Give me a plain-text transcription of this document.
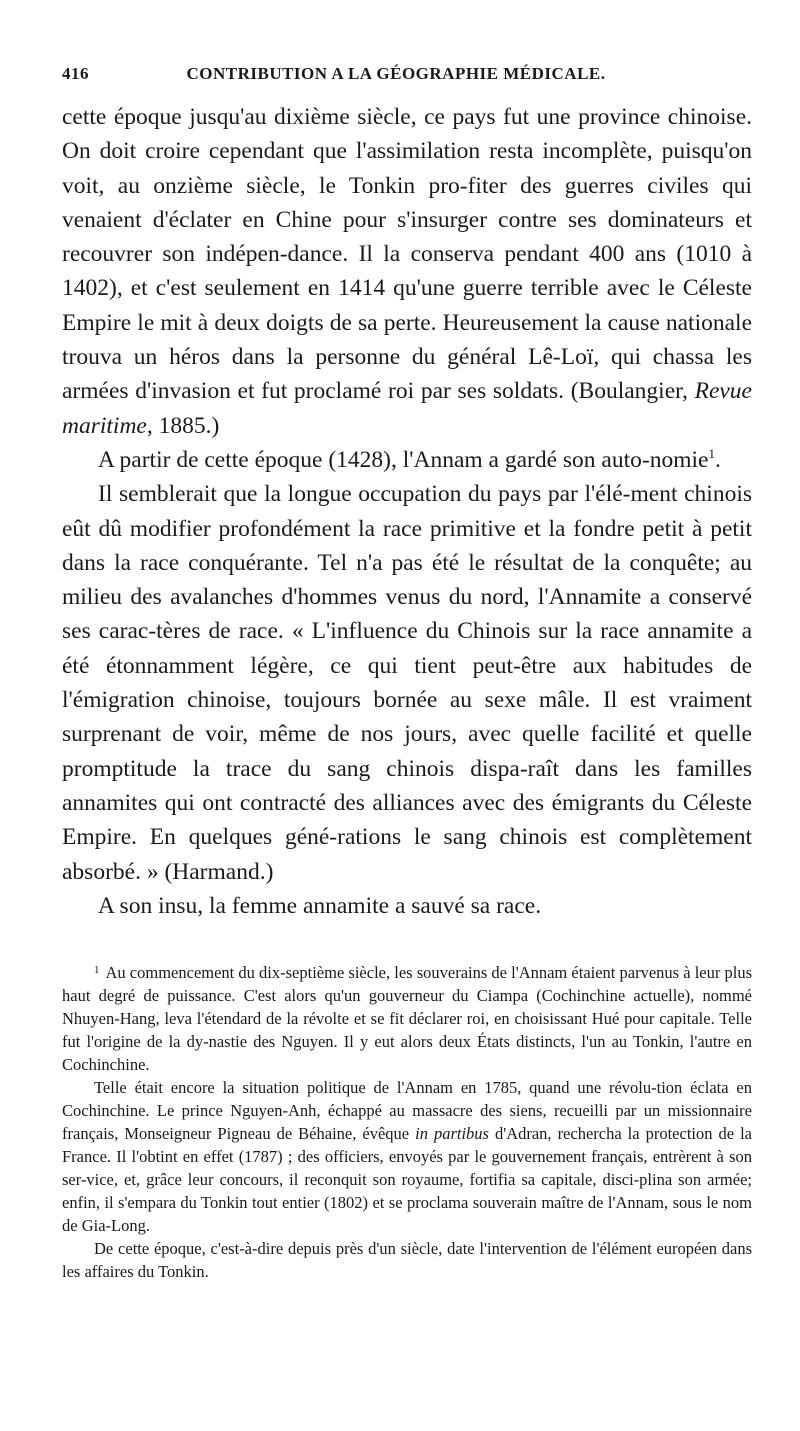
416	CONTRIBUTION A LA GÉOGRAPHIE MÉDICALE.

cette époque jusqu'au dixième siècle, ce pays fut une province chinoise. On doit croire cependant que l'assimilation resta incomplète, puisqu'on voit, au onzième siècle, le Tonkin pro-fiter des guerres civiles qui venaient d'éclater en Chine pour s'insurger contre ses dominateurs et recouvrer son indépen-dance. Il la conserva pendant 400 ans (1010 à 1402), et c'est seulement en 1414 qu'une guerre terrible avec le Céleste Empire le mit à deux doigts de sa perte. Heureusement la cause nationale trouva un héros dans la personne du général Lê-Loï, qui chassa les armées d'invasion et fut proclamé roi par ses soldats. (Boulangier, Revue maritime, 1885.)

A partir de cette époque (1428), l'Annam a gardé son auto-nomie$^1$.

Il semblerait que la longue occupation du pays par l'élé-ment chinois eût dû modifier profondément la race primitive et la fondre petit à petit dans la race conquérante. Tel n'a pas été le résultat de la conquête; au milieu des avalanches d'hommes venus du nord, l'Annamite a conservé ses carac-tères de race. « L'influence du Chinois sur la race annamite a été étonnamment légère, ce qui tient peut-être aux habitudes de l'émigration chinoise, toujours bornée au sexe mâle. Il est vraiment surprenant de voir, même de nos jours, avec quelle facilité et quelle promptitude la trace du sang chinois dispa-raît dans les familles annamites qui ont contracté des alliances avec des émigrants du Céleste Empire. En quelques géné-rations le sang chinois est complètement absorbé. » (Harmand.)

A son insu, la femme annamite a sauvé sa race.

$^1$ Au commencement du dix-septième siècle, les souverains de l'Annam étaient parvenus à leur plus haut degré de puissance. C'est alors qu'un gouverneur du Ciampa (Cochinchine actuelle), nommé Nhuyen-Hang, leva l'étendard de la révolte et se fit déclarer roi, en choisissant Hué pour capitale. Telle fut l'origine de la dy-nastie des Nguyen. Il y eut alors deux États distincts, l'un au Tonkin, l'autre en Cochinchine.

Telle était encore la situation politique de l'Annam en 1785, quand une révolu-tion éclata en Cochinchine. Le prince Nguyen-Anh, échappé au massacre des siens, recueilli par un missionnaire français, Monseigneur Pigneau de Béhaine, évêque in partibus d'Adran, rechercha la protection de la France. Il l'obtint en effet (1787) ; des officiers, envoyés par le gouvernement français, entrèrent à son ser-vice, et, grâce leur concours, il reconquit son royaume, fortifia sa capitale, disci-plina son armée; enfin, il s'empara du Tonkin tout entier (1802) et se proclama souverain maître de l'Annam, sous le nom de Gia-Long.

De cette époque, c'est-à-dire depuis près d'un siècle, date l'intervention de l'élément européen dans les affaires du Tonkin.
